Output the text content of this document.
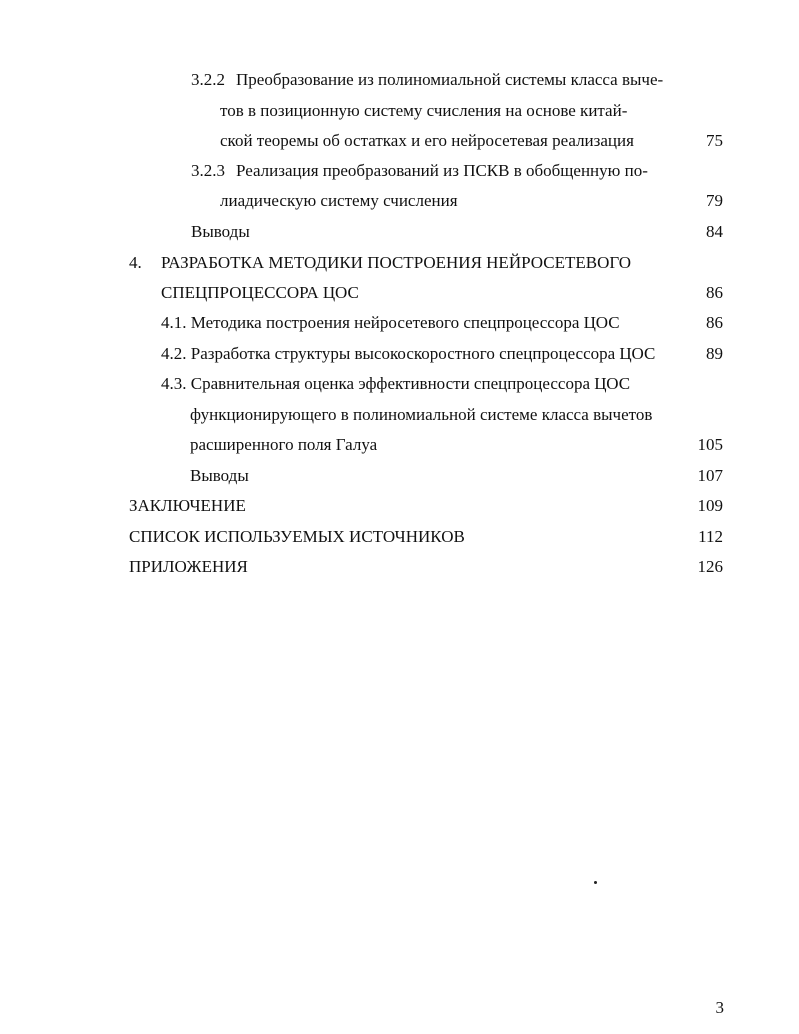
3.2.2 Преобразование из полиномиальной системы класса выче-
тов в позиционную систему счисления на основе китай-
ской теоремы об остатках и его нейросетевая реализация	75
3.2.3 Реализация преобразований из ПСКВ в обобщенную по-
лиадическую систему счисления	79
Выводы	84
4. РАЗРАБОТКА МЕТОДИКИ ПОСТРОЕНИЯ НЕЙРОСЕТЕВОГО
СПЕЦПРОЦЕССОРА ЦОС	86
4.1. Методика построения нейросетевого спецпроцессора ЦОС	86
4.2. Разработка структуры высокоскоростного спецпроцессора ЦОС	89
4.3. Сравнительная оценка эффективности спецпроцессора ЦОС
функционирующего в полиномиальной системе класса вычетов
расширенного поля Галуа	105
Выводы	107
ЗАКЛЮЧЕНИЕ	109
СПИСОК ИСПОЛЬЗУЕМЫХ ИСТОЧНИКОВ	112
ПРИЛОЖЕНИЯ	126
3
